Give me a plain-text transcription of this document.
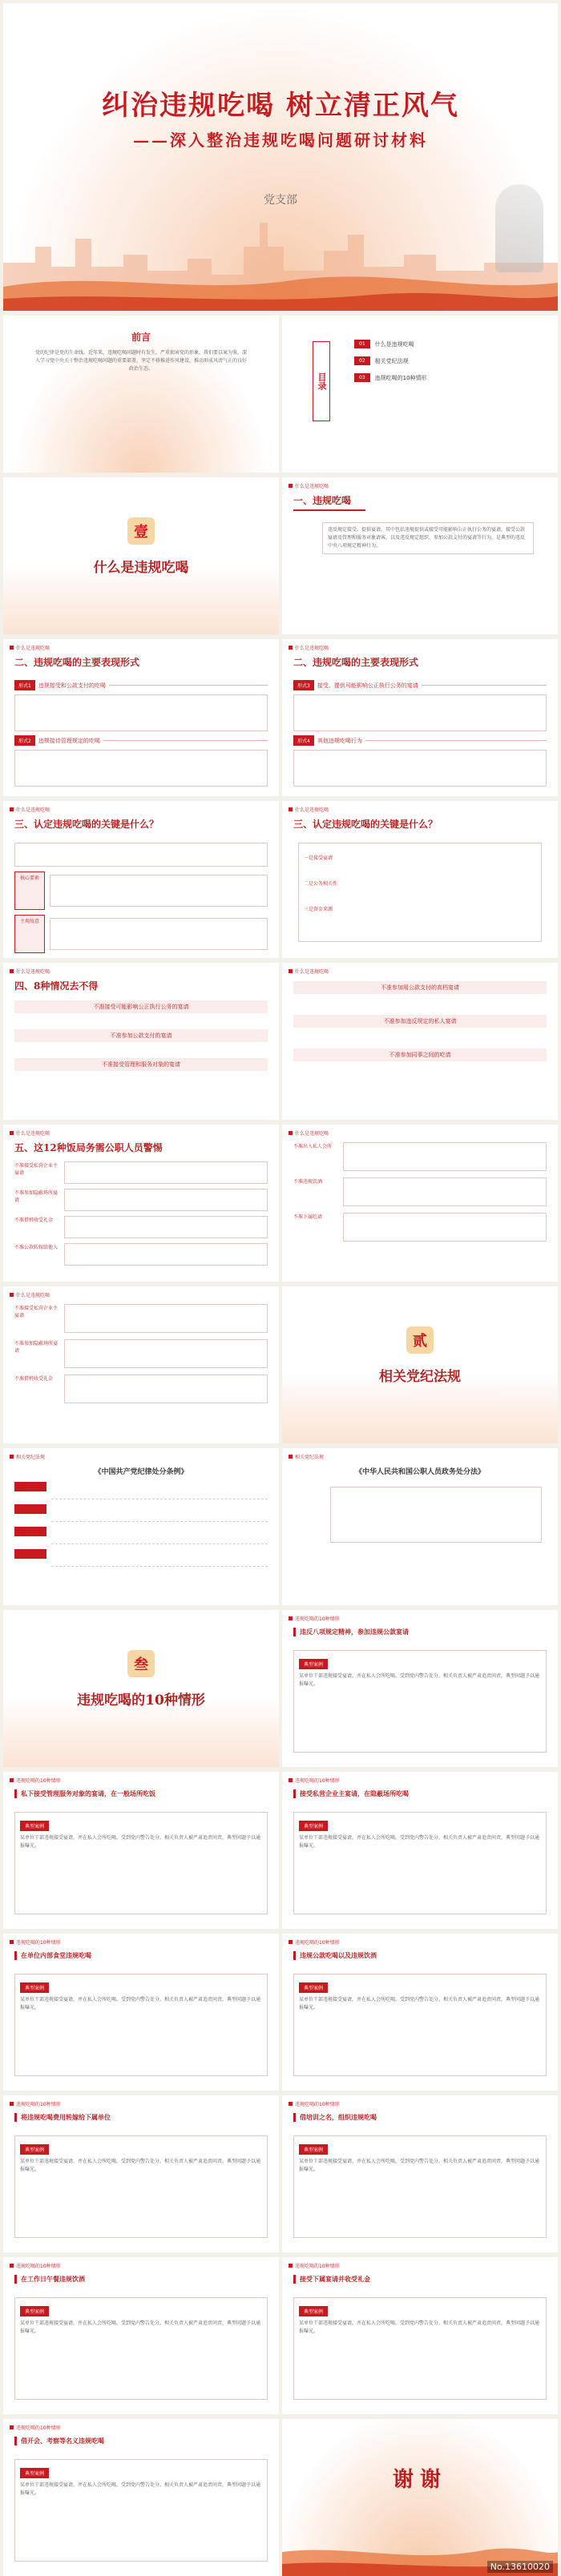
纠治违规吃喝 树立清正风气
——深入整治违规吃喝问题研讨材料
党支部
前言
党的纪律是党的生命线。近年来，违规吃喝问题时有发生，严重损害党的形象。我们要以案为鉴，深入学习党中央关于整治违规吃喝问题的重要部署，坚定不移推进作风建设，推动形成风清气正的良好政治生态。
目录
01	什么是违规吃喝
02	相关党纪法规
03	违规吃喝的10种情形
壹
什么是违规吃喝
什么是违规吃喝
一、违规吃喝
违反规定接受、提供宴请，其中包括违规提供或接受可能影响公正执行公务的宴请，接受公款宴请及管理和服务对象请客，以及违反规定组织、参加公款支付的宴请等行为，是典型的违反中央八项规定精神行为。
什么是违规吃喝
二、违规吃喝的主要表现形式
形式1	违规接受和公款支付的吃喝
形式2	违规接待管理规定的吃喝
什么是违规吃喝
二、违规吃喝的主要表现形式
形式3	接受、提供可能影响公正执行公务的宴请
形式4	其他违规吃喝行为
什么是违规吃喝
三、认定违规吃喝的关键是什么？
核心要素
主观故意
什么是违规吃喝
三、认定违规吃喝的关键是什么？
一是接受宴请
二是公务相关性
三是资金来源
什么是违规吃喝
四、8种情况去不得
不准接受可能影响公正执行公务的宴请
不准参加公款支付的宴请
不准接受管理和服务对象的宴请
什么是违规吃喝
不准参加用公款支付的高档宴请
不准参加违反规定的私人宴请
不准参加同事之间的吃请
什么是违规吃喝
五、这12种饭局务需公职人员警惕
不准接受私营企业主宴请
不准参加隐蔽场所宴请
不准借机收受礼金
不准公款转嫁给他人
什么是违规吃喝
不准出入私人会所
不准违规饮酒
不准下属吃请
什么是违规吃喝
不准接受私营企业主宴请
不准参加隐蔽场所宴请
不准借机收受礼金
贰
相关党纪法规
相关党纪法规
《中国共产党纪律处分条例》
相关党纪法规
《中华人民共和国公职人员政务处分法》
叁
违规吃喝的10种情形
违规吃喝的10种情形
违反八项规定精神，参加违规公款宴请
典型案例
某单位干部违规接受宴请，并在私人会所吃喝，受到党内警告处分。相关负责人被严肃追责问责，典型问题予以通报曝光。
违规吃喝的10种情形
私下接受管理服务对象的宴请，在一般场所吃饭
典型案例
某单位干部违规接受宴请，并在私人会所吃喝，受到党内警告处分。相关负责人被严肃追责问责，典型问题予以通报曝光。
违规吃喝的10种情形
接受私营企业主宴请，在隐蔽场所吃喝
典型案例
某单位干部违规接受宴请，并在私人会所吃喝，受到党内警告处分。相关负责人被严肃追责问责，典型问题予以通报曝光。
违规吃喝的10种情形
在单位内部食堂违规吃喝
典型案例
某单位干部违规接受宴请，并在私人会所吃喝，受到党内警告处分。相关负责人被严肃追责问责，典型问题予以通报曝光。
违规吃喝的10种情形
违规公款吃喝以及违规饮酒
典型案例
某单位干部违规接受宴请，并在私人会所吃喝，受到党内警告处分。相关负责人被严肃追责问责，典型问题予以通报曝光。
违规吃喝的10种情形
将违规吃喝费用转嫁给下属单位
典型案例
某单位干部违规接受宴请，并在私人会所吃喝，受到党内警告处分。相关负责人被严肃追责问责，典型问题予以通报曝光。
违规吃喝的10种情形
借培训之名，组织违规吃喝
典型案例
某单位干部违规接受宴请，并在私人会所吃喝，受到党内警告处分。相关负责人被严肃追责问责，典型问题予以通报曝光。
违规吃喝的10种情形
在工作日午餐违规饮酒
典型案例
某单位干部违规接受宴请，并在私人会所吃喝，受到党内警告处分。相关负责人被严肃追责问责，典型问题予以通报曝光。
违规吃喝的10种情形
接受下属宴请并收受礼金
典型案例
某单位干部违规接受宴请，并在私人会所吃喝，受到党内警告处分。相关负责人被严肃追责问责，典型问题予以通报曝光。
违规吃喝的10种情形
借开会、考察等名义违规吃喝
典型案例
某单位干部违规接受宴请，并在私人会所吃喝，受到党内警告处分。相关负责人被严肃追责问责，典型问题予以通报曝光。
谢谢
No.13610020
